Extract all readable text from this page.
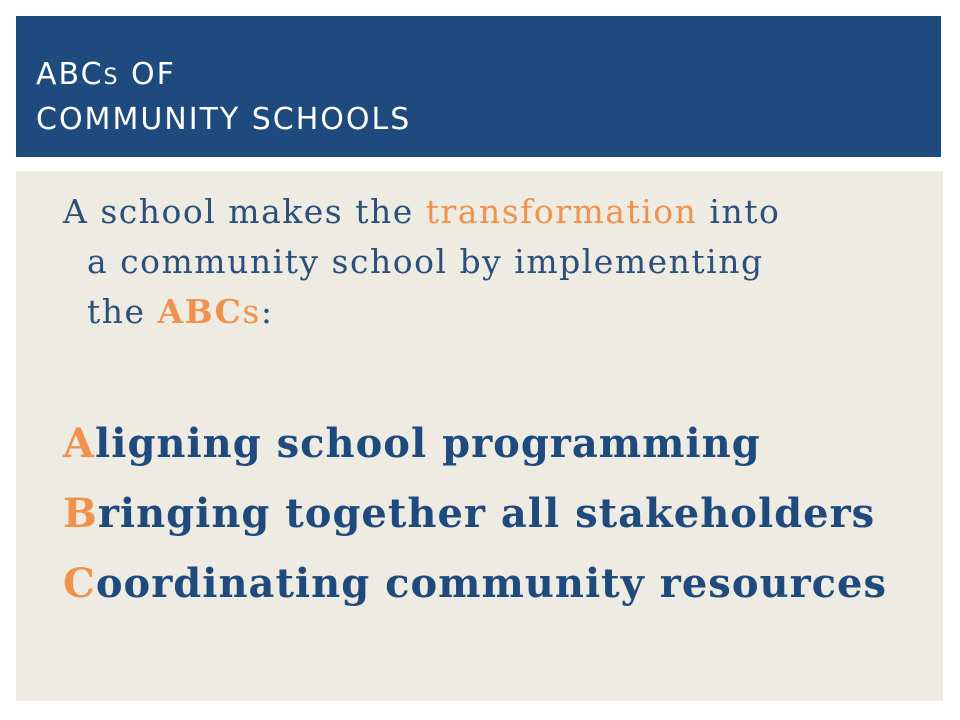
ABCS OF
COMMUNITY SCHOOLS
A school makes the transformation into
a community school by implementing
the ABCs:
Aligning school programming
Bringing together all stakeholders
Coordinating community resources
